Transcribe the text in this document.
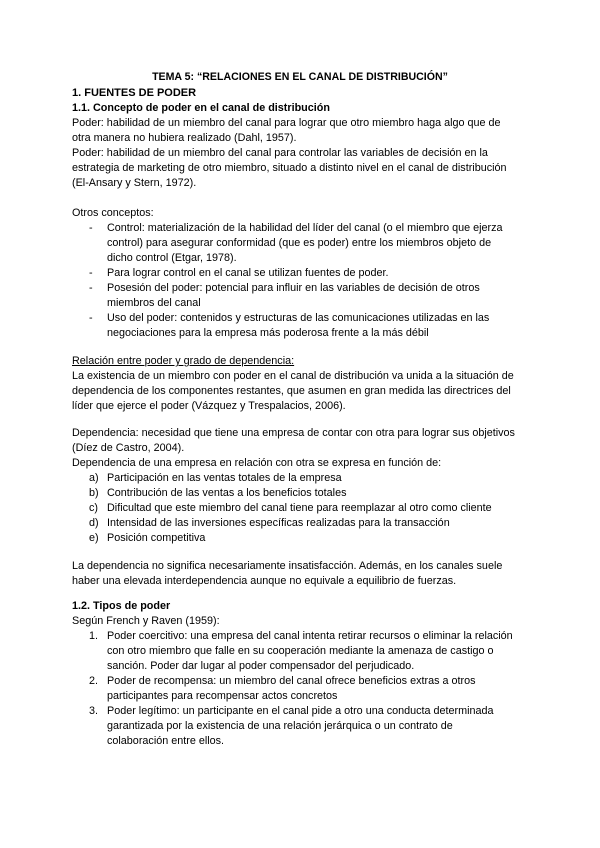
TEMA 5: “RELACIONES EN EL CANAL DE DISTRIBUCIÓN”
1. FUENTES DE PODER
1.1. Concepto de poder en el canal de distribución
Poder: habilidad de un miembro del canal para lograr que otro miembro haga algo que de
otra manera no hubiera realizado (Dahl, 1957).
Poder: habilidad de un miembro del canal para controlar las variables de decisión en la
estrategia de marketing de otro miembro, situado a distinto nivel en el canal de distribución
(El-Ansary y Stern, 1972).
Otros conceptos:
- Control: materialización de la habilidad del líder del canal (o el miembro que ejerza
control) para asegurar conformidad (que es poder) entre los miembros objeto de
dicho control (Etgar, 1978).
- Para lograr control en el canal se utilizan fuentes de poder.
- Posesión del poder: potencial para influir en las variables de decisión de otros
miembros del canal
- Uso del poder: contenidos y estructuras de las comunicaciones utilizadas en las
negociaciones para la empresa más poderosa frente a la más débil
Relación entre poder y grado de dependencia:
La existencia de un miembro con poder en el canal de distribución va unida a la situación de
dependencia de los componentes restantes, que asumen en gran medida las directrices del
líder que ejerce el poder (Vázquez y Trespalacios, 2006).
Dependencia: necesidad que tiene una empresa de contar con otra para lograr sus objetivos
(Díez de Castro, 2004).
Dependencia de una empresa en relación con otra se expresa en función de:
a) Participación en las ventas totales de la empresa
b) Contribución de las ventas a los beneficios totales
c) Dificultad que este miembro del canal tiene para reemplazar al otro como cliente
d) Intensidad de las inversiones específicas realizadas para la transacción
e) Posición competitiva
La dependencia no significa necesariamente insatisfacción. Además, en los canales suele
haber una elevada interdependencia aunque no equivale a equilibrio de fuerzas.
1.2. Tipos de poder
Según French y Raven (1959):
1. Poder coercitivo: una empresa del canal intenta retirar recursos o eliminar la relación
con otro miembro que falle en su cooperación mediante la amenaza de castigo o
sanción. Poder dar lugar al poder compensador del perjudicado.
2. Poder de recompensa: un miembro del canal ofrece beneficios extras a otros
participantes para recompensar actos concretos
3. Poder legítimo: un participante en el canal pide a otro una conducta determinada
garantizada por la existencia de una relación jerárquica o un contrato de
colaboración entre ellos.
